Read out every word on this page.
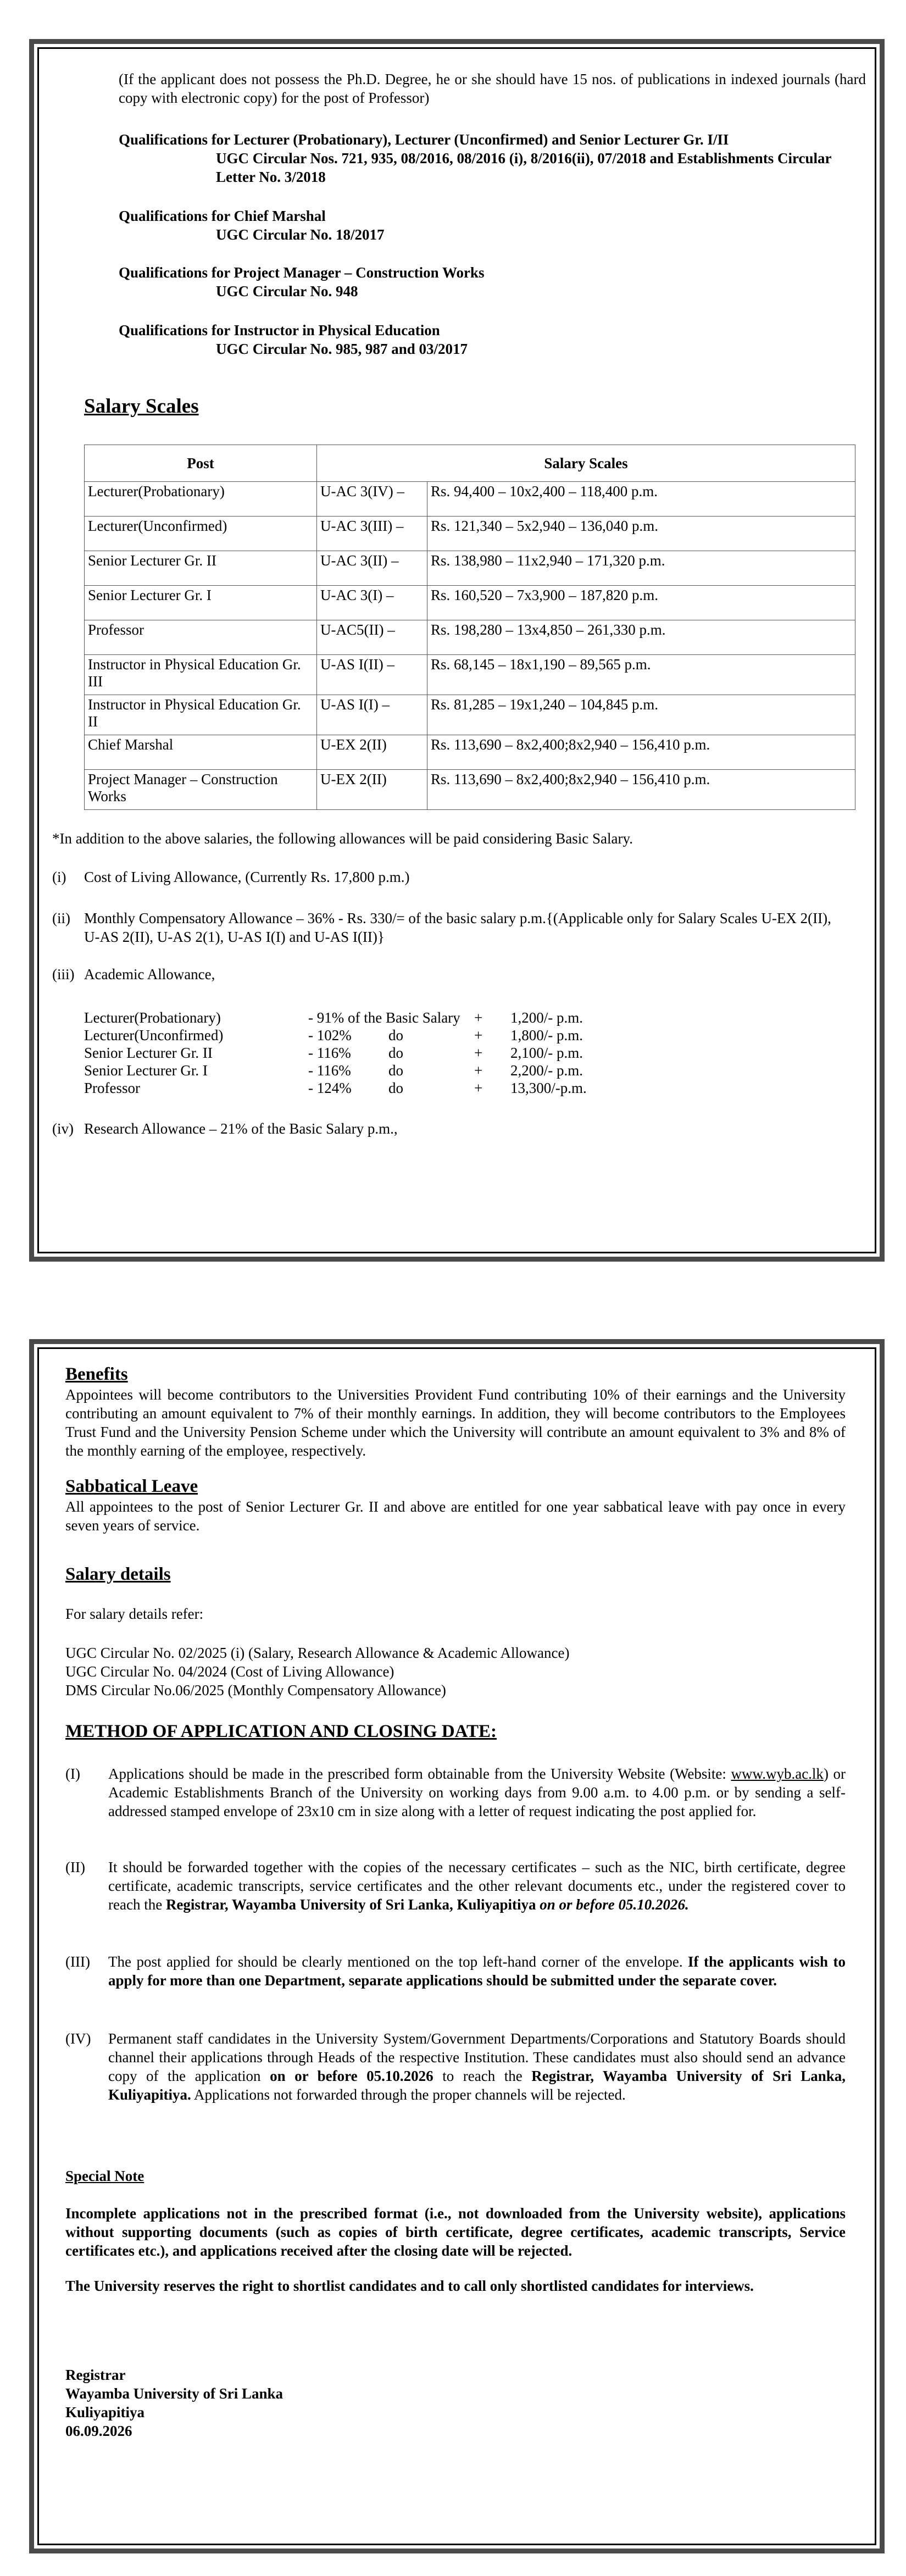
(If the applicant does not possess the Ph.D. Degree, he or she should have 15 nos. of publications in indexed journals (hard copy with electronic copy) for the post of Professor)

Qualifications for Lecturer (Probationary), Lecturer (Unconfirmed) and Senior Lecturer Gr. I/II

UGC Circular Nos. 721, 935, 08/2016, 08/2016 (i), 8/2016(ii), 07/2018 and Establishments Circular Letter No. 3/2018

Qualifications for Chief Marshal

UGC Circular No. 18/2017

Qualifications for Project Manager – Construction Works

UGC Circular No. 948

Qualifications for Instructor in Physical Education

UGC Circular No. 985, 987 and 03/2017

Salary Scales

Post	Salary Scales	
Lecturer(Probationary)	U-AC 3(IV) –	Rs. 94,400 – 10x2,400 – 118,400 p.m.
Lecturer(Unconfirmed)	U-AC 3(III) –	Rs. 121,340 – 5x2,940 – 136,040 p.m.
Senior Lecturer Gr. II	U-AC 3(II) –	Rs. 138,980 – 11x2,940 – 171,320 p.m.
Senior Lecturer Gr. I	U-AC 3(I) –	Rs. 160,520 – 7x3,900 – 187,820 p.m.
Professor	U-AC5(II) –	Rs. 198,280 – 13x4,850 – 261,330 p.m.
Instructor in Physical Education Gr. III	U-AS I(II) –	Rs. 68,145 – 18x1,190 – 89,565 p.m.
Instructor in Physical Education Gr. II	U-AS I(I) –	Rs. 81,285 – 19x1,240 – 104,845 p.m.
Chief Marshal	U-EX 2(II)	Rs. 113,690 – 8x2,400;8x2,940 – 156,410 p.m.
Project Manager – Construction Works	U-EX 2(II)	Rs. 113,690 – 8x2,400;8x2,940 – 156,410 p.m.

*In addition to the above salaries, the following allowances will be paid considering Basic Salary.

(i) Cost of Living Allowance, (Currently Rs. 17,800 p.m.)
(ii) Monthly Compensatory Allowance – 36% - Rs. 330/= of the basic salary p.m.{(Applicable only for Salary Scales U-EX 2(II), U-AS 2(II), U-AS 2(1), U-AS I(I) and U-AS I(II)}
(iii) Academic Allowance,
Lecturer(Probationary)	- 91% of the Basic Salary + 1,200/- p.m.
Lecturer(Unconfirmed)	- 102% do	+ 1,800/- p.m.
Senior Lecturer Gr. II	- 116%	do	+ 2,100/- p.m.
Senior Lecturer Gr. I	- 116%	do	+ 2,200/- p.m.
Professor	- 124% do	+ 13,300/-p.m.
(iv) Research Allowance – 21% of the Basic Salary p.m.,

Benefits

Appointees will become contributors to the Universities Provident Fund contributing 10% of their earnings and the University contributing an amount equivalent to 7% of their monthly earnings. In addition, they will become contributors to the Employees Trust Fund and the University Pension Scheme under which the University will contribute an amount equivalent to 3% and 8% of the monthly earning of the employee, respectively.

Sabbatical Leave

All appointees to the post of Senior Lecturer Gr. II and above are entitled for one year sabbatical leave with pay once in every seven years of service.

Salary details

For salary details refer:

UGC Circular No. 02/2025 (i) (Salary, Research Allowance & Academic Allowance)

UGC Circular No. 04/2024 (Cost of Living Allowance)

DMS Circular No.06/2025 (Monthly Compensatory Allowance)

METHOD OF APPLICATION AND CLOSING DATE:

(I) Applications should be made in the prescribed form obtainable from the University Website (Website: www.wyb.ac.lk) or Academic Establishments Branch of the University on working days from 9.00 a.m. to 4.00 p.m. or by sending a self-addressed stamped envelope of 23x10 cm in size along with a letter of request indicating the post applied for.
(II) It should be forwarded together with the copies of the necessary certificates – such as the NIC, birth certificate, degree certificate, academic transcripts, service certificates and the other relevant documents etc., under the registered cover to reach the Registrar, Wayamba University of Sri Lanka, Kuliyapitiya on or before 05.10.2026.
(III) The post applied for should be clearly mentioned on the top left-hand corner of the envelope. If the applicants wish to apply for more than one Department, separate applications should be submitted under the separate cover.
(IV) Permanent staff candidates in the University System/Government Departments/Corporations and Statutory Boards should channel their applications through Heads of the respective Institution. These candidates must also should send an advance copy of the application on or before 05.10.2026 to reach the Registrar, Wayamba University of Sri Lanka, Kuliyapitiya. Applications not forwarded through the proper channels will be rejected.

Special Note

Incomplete applications not in the prescribed format (i.e., not downloaded from the University website), applications without supporting documents (such as copies of birth certificate, degree certificates, academic transcripts, Service certificates etc.), and applications received after the closing date will be rejected.

The University reserves the right to shortlist candidates and to call only shortlisted candidates for interviews.

Registrar

Wayamba University of Sri Lanka

Kuliyapitiya

06.09.2026
